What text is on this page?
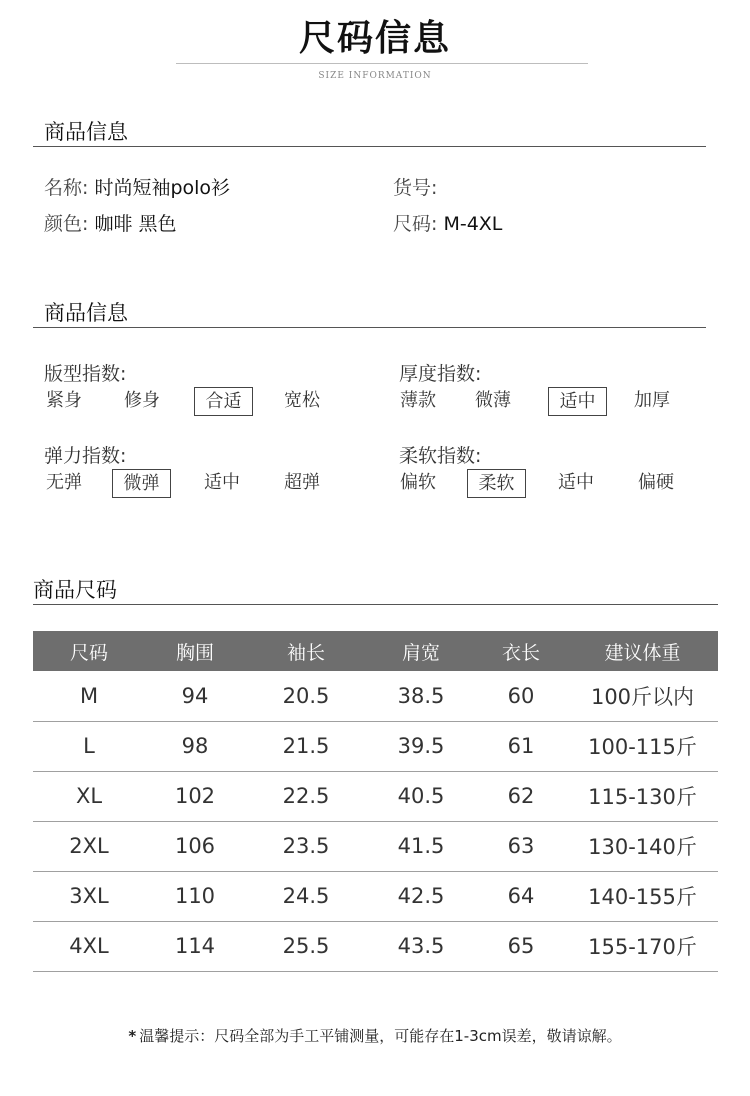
尺码信息
SIZE INFORMATION
商品信息
名称: 时尚短袖polo衫	货号:
颜色: 咖啡 黑色	尺码: M-4XL
商品信息
版型指数:	厚度指数:
紧身	修身	合适	宽松	薄款	微薄	适中	加厚
弹力指数:	柔软指数:
无弹	微弹	适中	超弹	偏软	柔软	适中	偏硬
商品尺码
尺码	胸围	袖长	肩宽	衣长	建议体重
M	94	20.5	38.5	60	100斤以内
L	98	21.5	39.5	61	100-115斤
XL	102	22.5	40.5	62	115-130斤
2XL	106	23.5	41.5	63	130-140斤
3XL	110	24.5	42.5	64	140-155斤
4XL	114	25.5	43.5	65	155-170斤
* 温馨提示：尺码全部为手工平铺测量，可能存在1-3cm误差，敬请谅解。
